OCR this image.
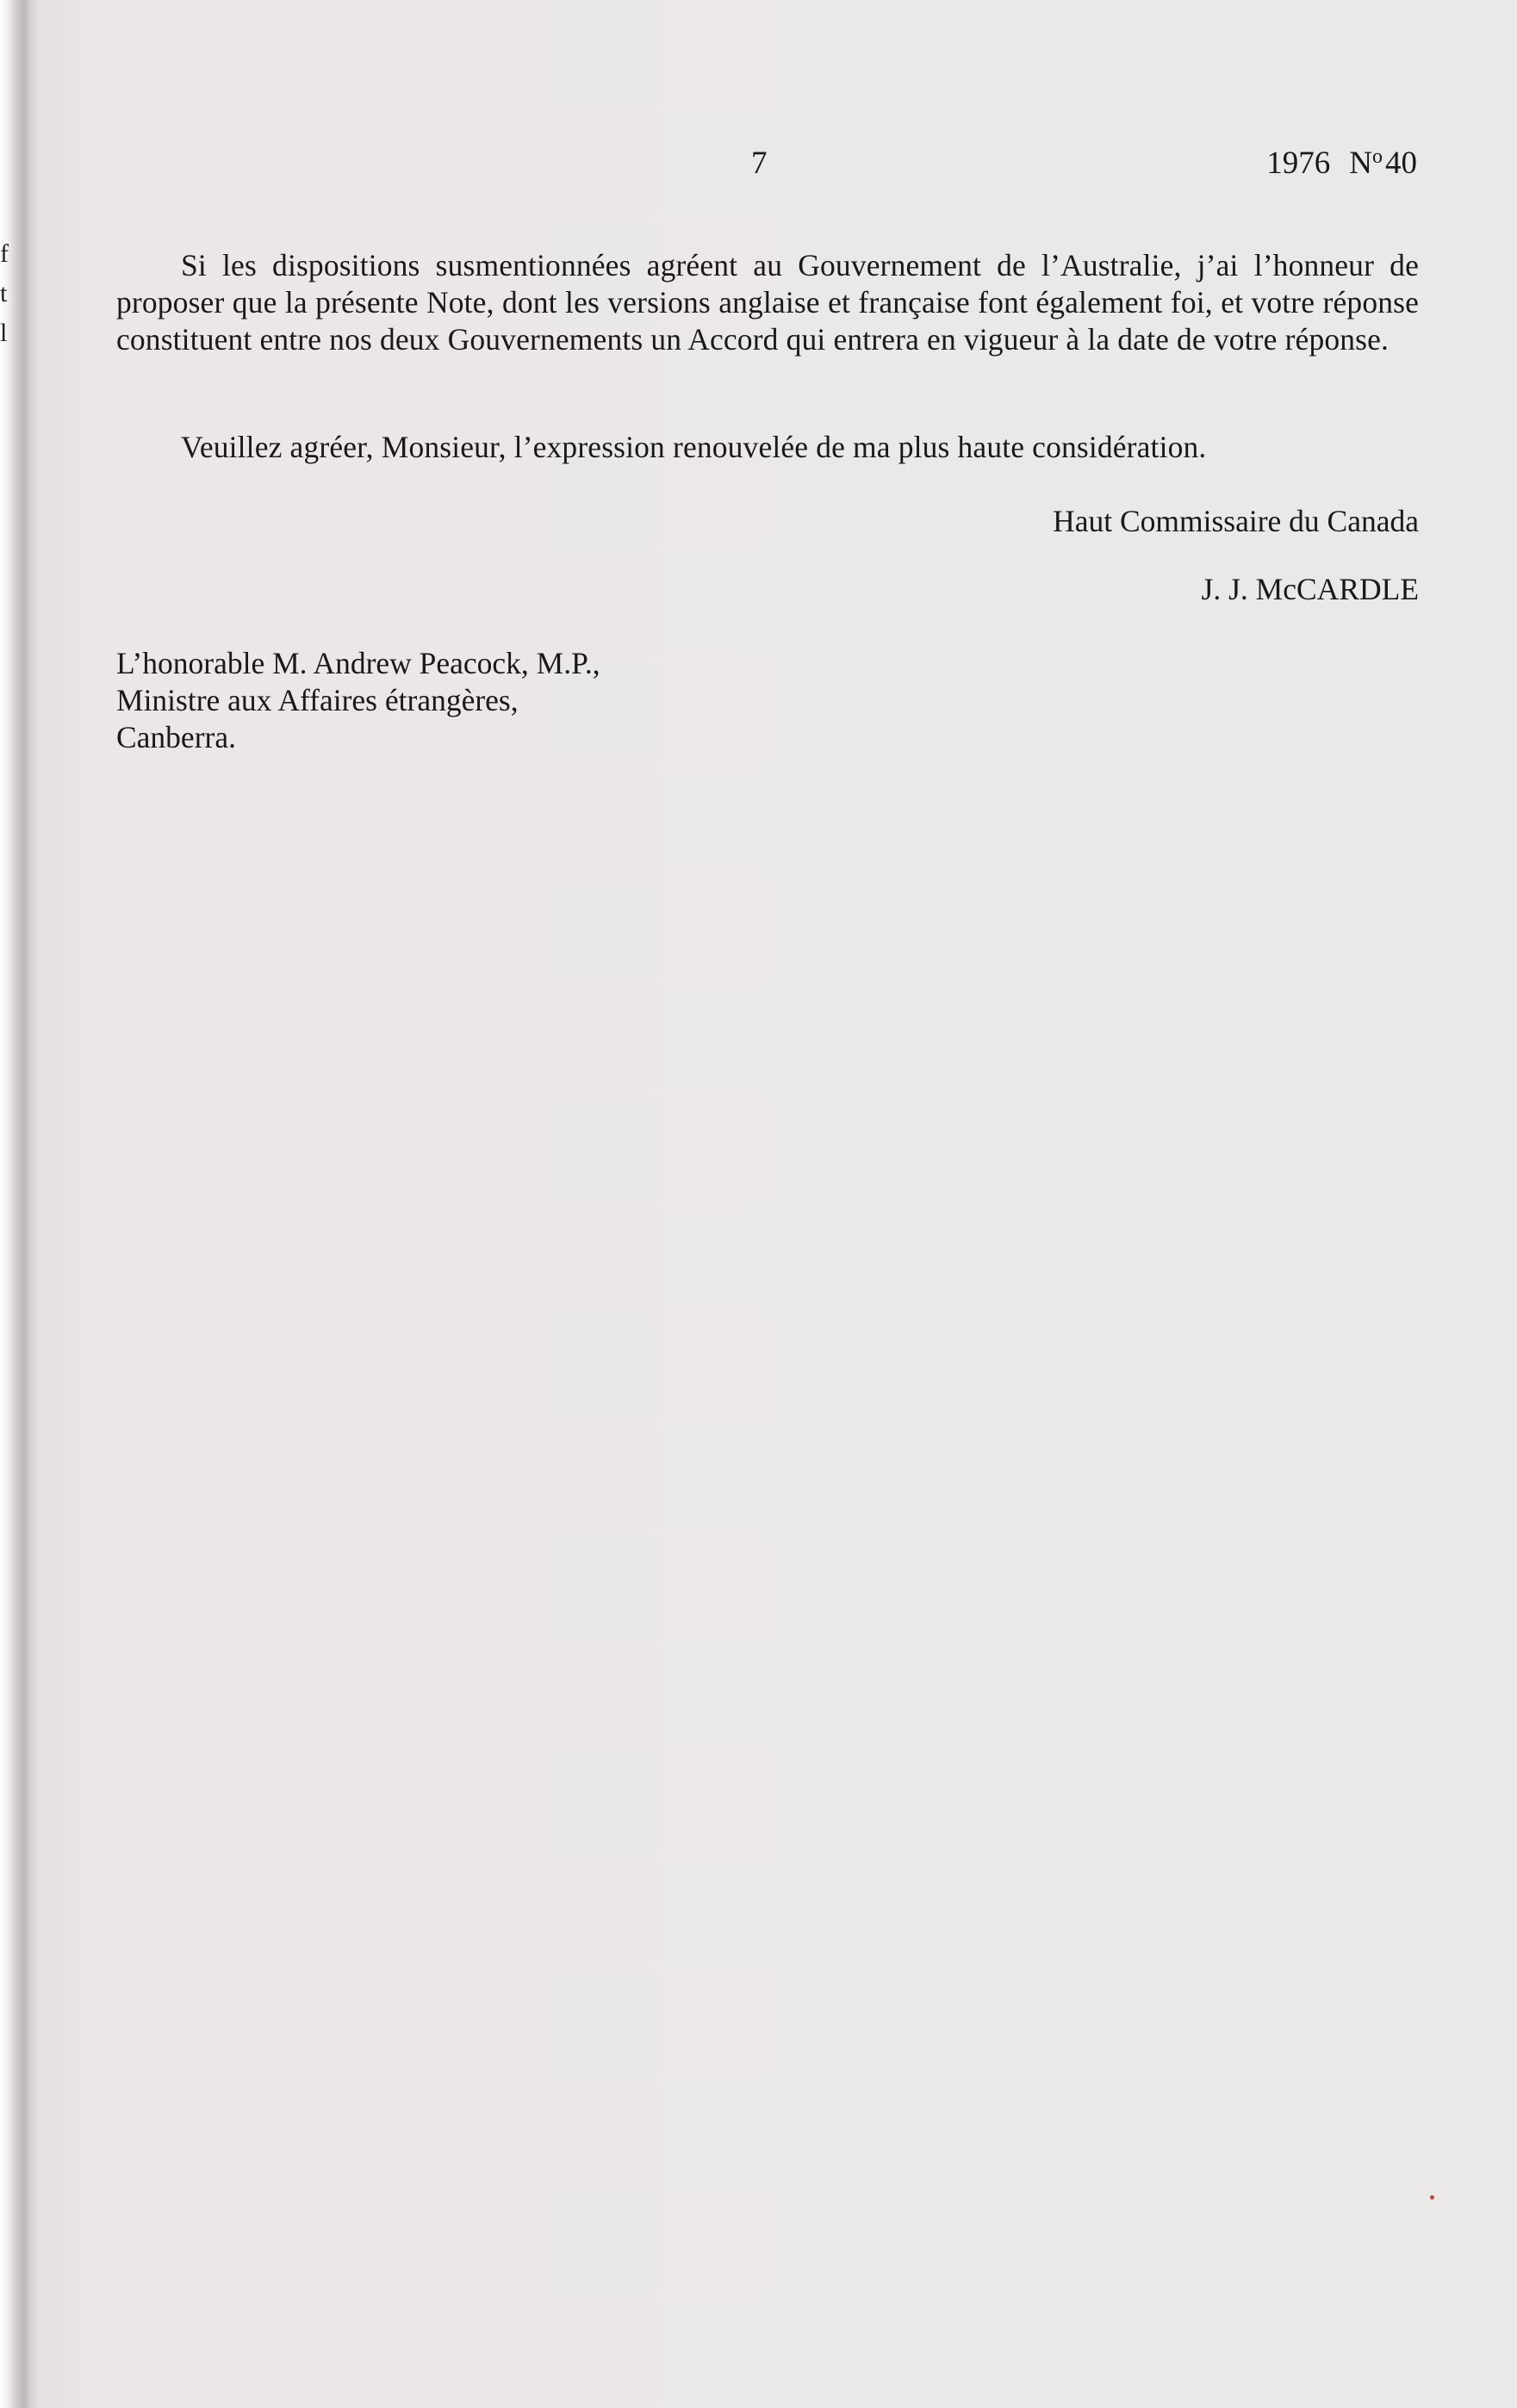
f
t
l
7	1976 $N^o40$
Si les dispositions susmentionnées agréent au Gouvernement de l’Australie, j’ai l’honneur de proposer que la présente Note, dont les versions anglaise et française font également foi, et votre réponse constituent entre nos deux Gouvernements un Accord qui entrera en vigueur à la date de votre réponse.
Veuillez agréer, Monsieur, l’expression renouvelée de ma plus haute considération.
Haut Commissaire du Canada
J. J. McCARDLE
L’honorable M. Andrew Peacock, M.P.,
Ministre aux Affaires étrangères,
Canberra.
